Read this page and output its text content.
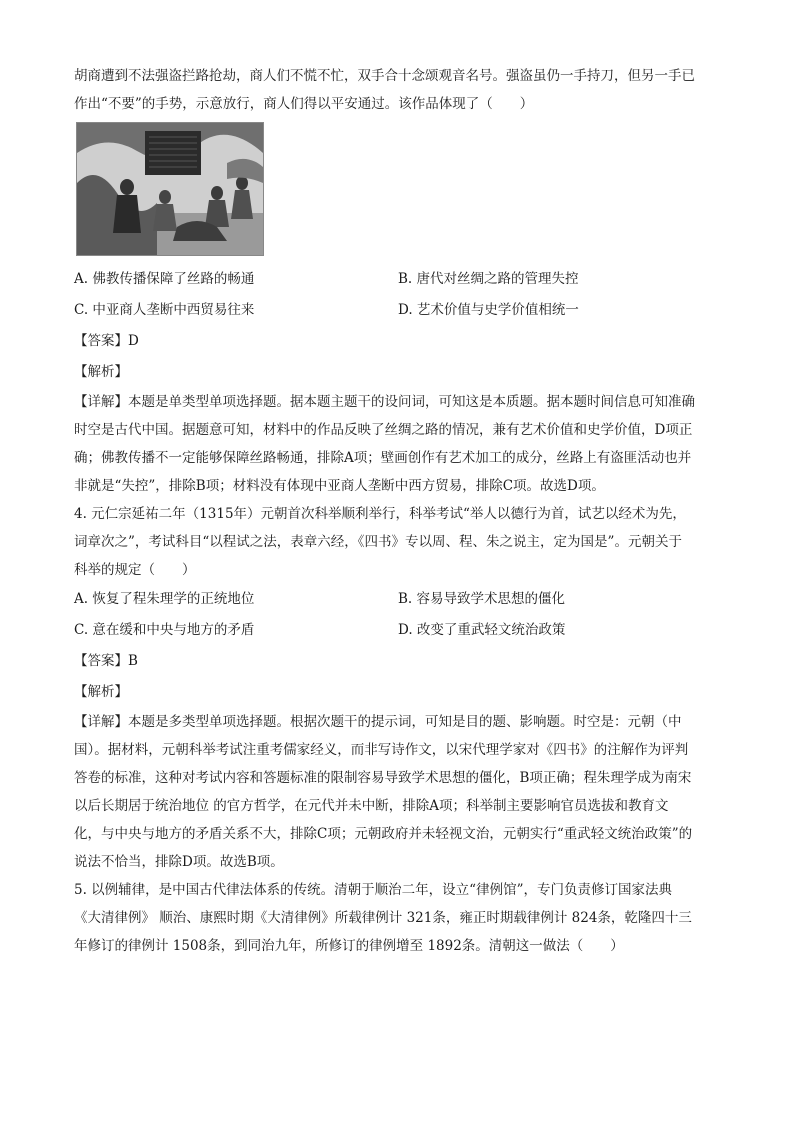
胡商遭到不法强盗拦路抢劫，商人们不慌不忙，双手合十念颂观音名号。强盗虽仍一手持刀，但另一手已

作出“不要”的手势，示意放行，商人们得以平安通过。该作品体现了（　　）

A. 佛教传播保障了丝路的畅通	B. 唐代对丝绸之路的管理失控
C. 中亚商人垄断中西贸易往来	D. 艺术价值与史学价值相统一

【答案】D

【解析】

【详解】本题是单类型单项选择题。据本题主题干的设问词，可知这是本质题。据本题时间信息可知准确

时空是古代中国。据题意可知，材料中的作品反映了丝绸之路的情况，兼有艺术价值和史学价值，D项正

确；佛教传播不一定能够保障丝路畅通，排除A项；壁画创作有艺术加工的成分，丝路上有盗匪活动也并

非就是“失控”，排除B项；材料没有体现中亚商人垄断中西方贸易，排除C项。故选D项。

4. 元仁宗延祐二年（1315年）元朝首次科举顺利举行，科举考试“举人以德行为首，试艺以经术为先，

词章次之”，考试科目“以程试之法，表章六经，《四书》专以周、程、朱之说主，定为国是”。元朝关于

科举的规定（　　）

A. 恢复了程朱理学的正统地位	B. 容易导致学术思想的僵化
C. 意在缓和中央与地方的矛盾	D. 改变了重武轻文统治政策

【答案】B

【解析】

【详解】本题是多类型单项选择题。根据次题干的提示词，可知是目的题、影响题。时空是：元朝（中

国）。据材料，元朝科举考试注重考儒家经义，而非写诗作文，以宋代理学家对《四书》的注解作为评判

答卷的标准，这种对考试内容和答题标准的限制容易导致学术思想的僵化，B项正确；程朱理学成为南宋

以后长期居于统治地位 的官方哲学，在元代并未中断，排除A项；科举制主要影响官员选拔和教育文

化，与中央与地方的矛盾关系不大，排除C项；元朝政府并未轻视文治，元朝实行“重武轻文统治政策”的

说法不恰当，排除D项。故选B项。

5. 以例辅律，是中国古代律法体系的传统。清朝于顺治二年，设立“律例馆”，专门负责修订国家法典

《大清律例》 顺治、康熙时期《大清律例》所载律例计 321条，雍正时期载律例计 824条，乾隆四十三

年修订的律例计 1508条，到同治九年，所修订的律例增至 1892条。清朝这一做法（　　）
